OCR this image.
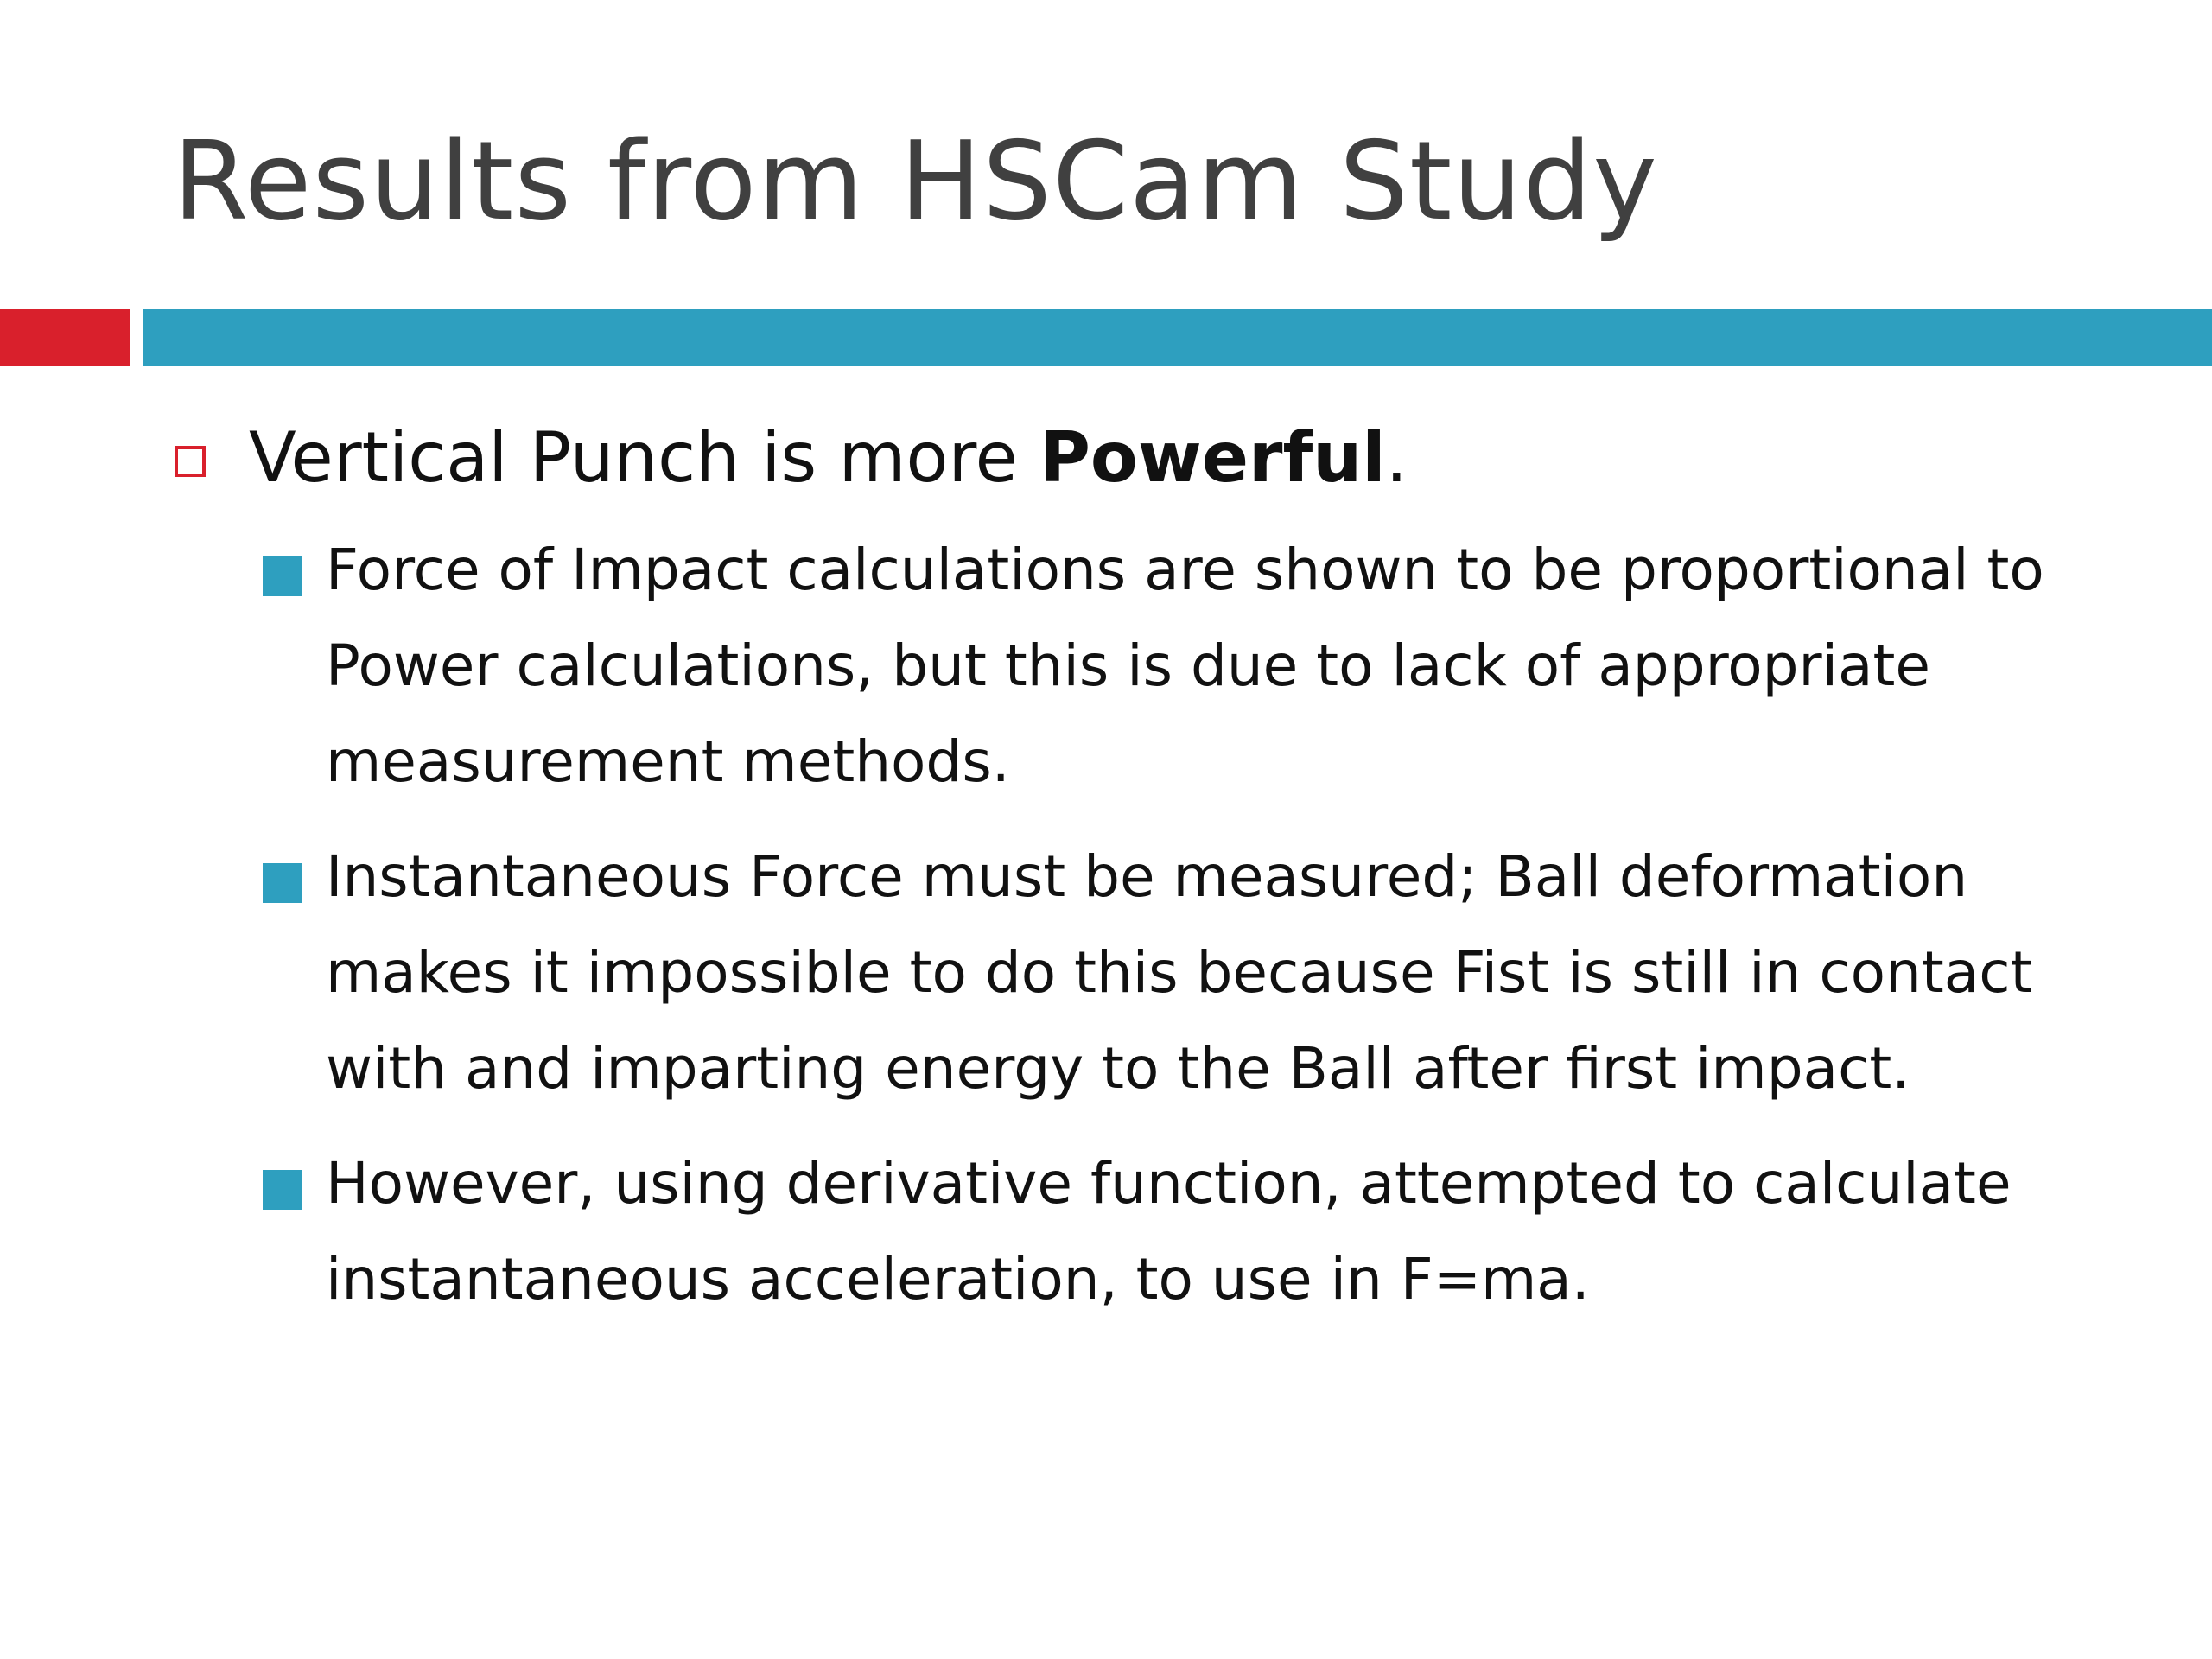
Results from HSCam Study
Vertical Punch is more Powerful.
Force of Impact calculations are shown to be proportional to Power calculations, but this is due to lack of appropriate measurement methods.
Instantaneous Force must be measured; Ball deformation makes it impossible to do this because Fist is still in contact with and imparting energy to the Ball after first impact.
However, using derivative function, attempted to calculate instantaneous acceleration, to use in F=ma.
